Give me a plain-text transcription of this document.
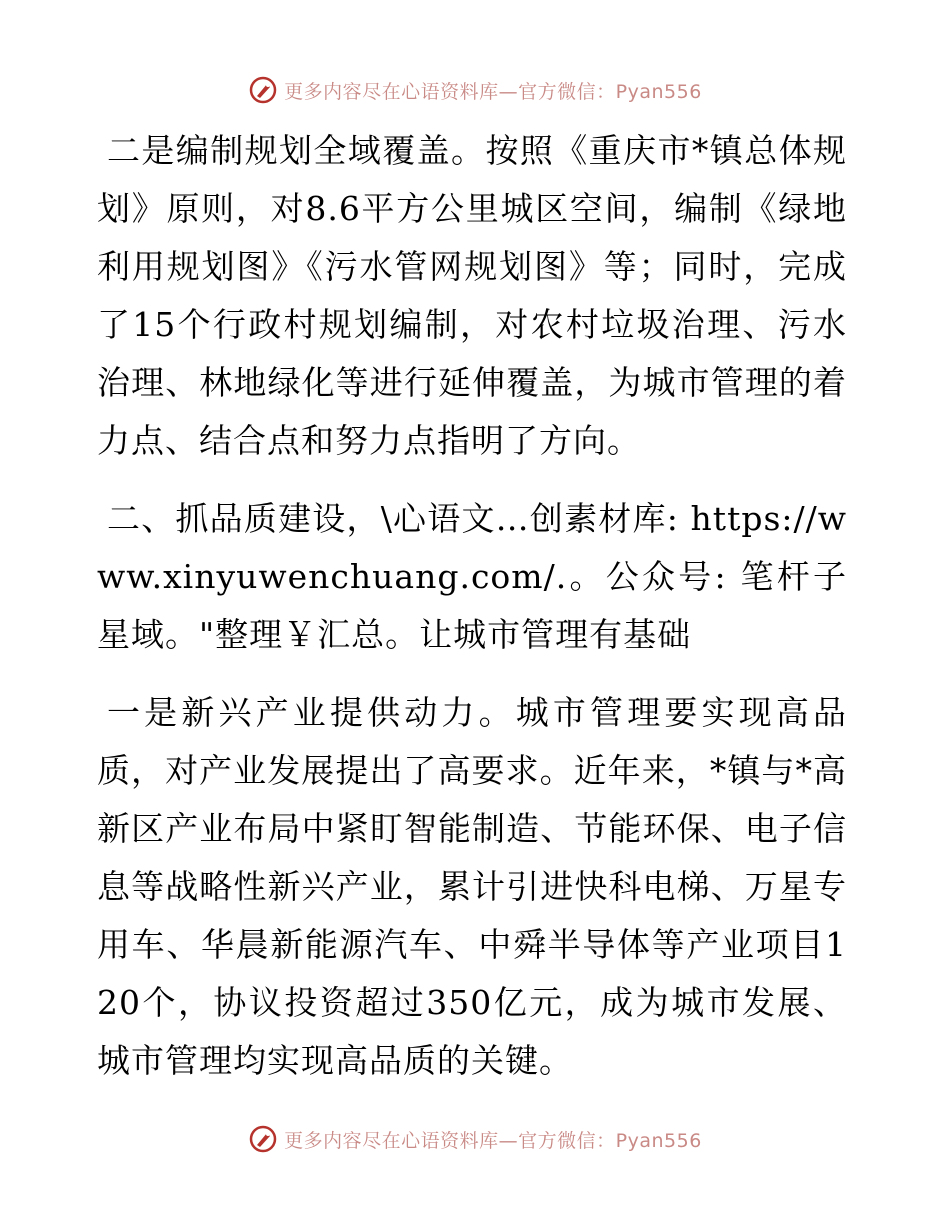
更多内容尽在心语资料库—官方微信：Pyan556

二是编制规划全域覆盖。按照《重庆市*镇总体规划》原则，对8.6平方公里城区空间，编制《绿地利用规划图》《污水管网规划图》等；同时，完成了15个行政村规划编制，对农村垃圾治理、污水治理、林地绿化等进行延伸覆盖，为城市管理的着力点、结合点和努力点指明了方向。

二、抓品质建设，\心语文…创素材库: https://www.xinyuwenchuang.com/.。公众号: 笔杆子星域。"整理￥汇总。让城市管理有基础

一是新兴产业提供动力。城市管理要实现高品质，对产业发展提出了高要求。近年来，*镇与*高新区产业布局中紧盯智能制造、节能环保、电子信息等战略性新兴产业，累计引进快科电梯、万星专用车、华晨新能源汽车、中舜半导体等产业项目120个，协议投资超过350亿元，成为城市发展、城市管理均实现高品质的关键。

更多内容尽在心语资料库—官方微信：Pyan556
